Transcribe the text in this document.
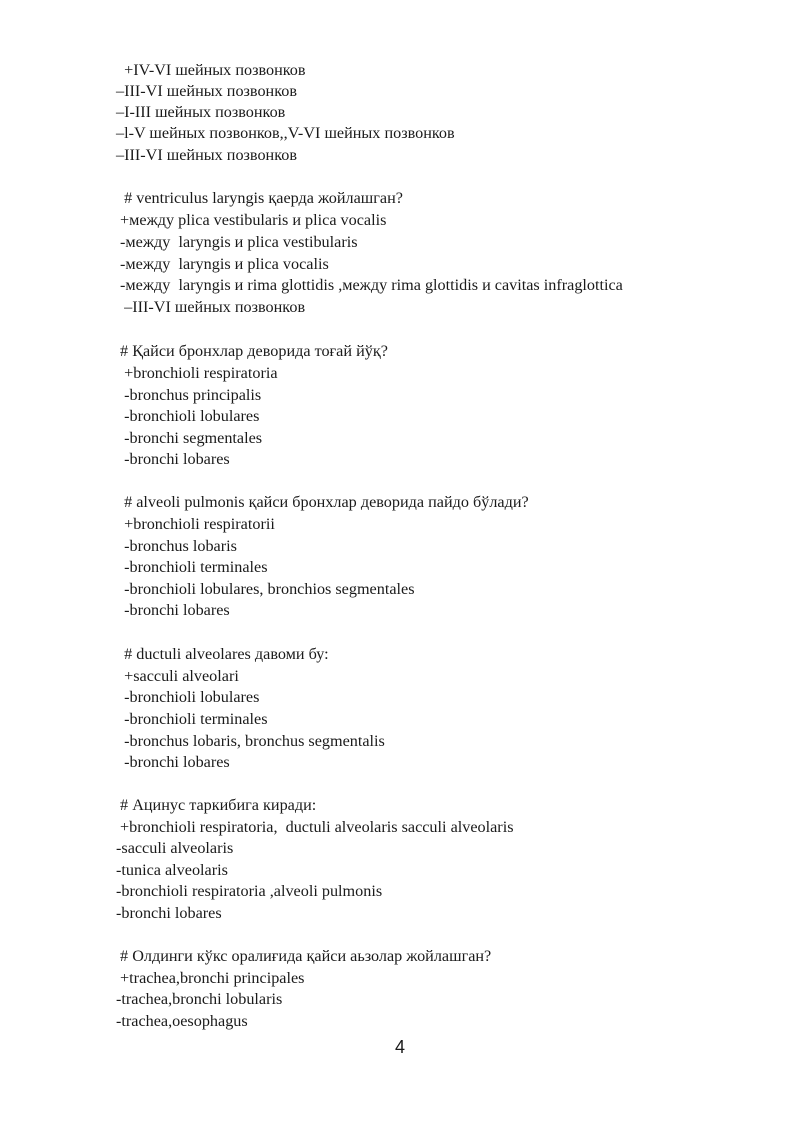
+IV-VI шейных позвонков
–III-VI шейных позвонков
–I-III шейных позвонков
–l-V шейных позвонков,,V-VI шейных позвонков
–III-VI шейных позвонков
# ventriculus laryngis қаерда жойлашган?
+между plica vestibularis и plica vocalis
-между  laryngis и plica vestibularis
-между  laryngis и plica vocalis
-между  laryngis и rima glottidis ,между rima glottidis и cavitas infraglottica
–III-VI шейных позвонков
# Қайси бронхлар деворида тоғай йўқ?
+bronchioli respiratoria
-bronchus principalis
-bronchioli lobulares
-bronchi segmentales
-bronchi lobares
# alveoli pulmonis қайси бронхлар деворида пайдо бўлади?
+bronchioli respiratorii
-bronchus lobaris
-bronchioli terminales
-bronchioli lobulares, bronchios segmentales
-bronchi lobares
# ductuli alveolares давоми бу:
+sacculi alveolari
-bronchioli lobulares
-bronchioli terminales
-bronchus lobaris, bronchus segmentalis
-bronchi lobares
# Ацинус таркибига киради:
+bronchioli respiratoria,  ductuli alveolaris sacculi alveolaris
-sacculi alveolaris
-tunica alveolaris
-bronchioli respiratoria ,alveoli pulmonis
-bronchi lobares
# Олдинги кўкс оралиғида қайси аьзолар жойлашган?
+trachea,bronchi principales
-trachea,bronchi lobularis
-trachea,oesophagus
4
